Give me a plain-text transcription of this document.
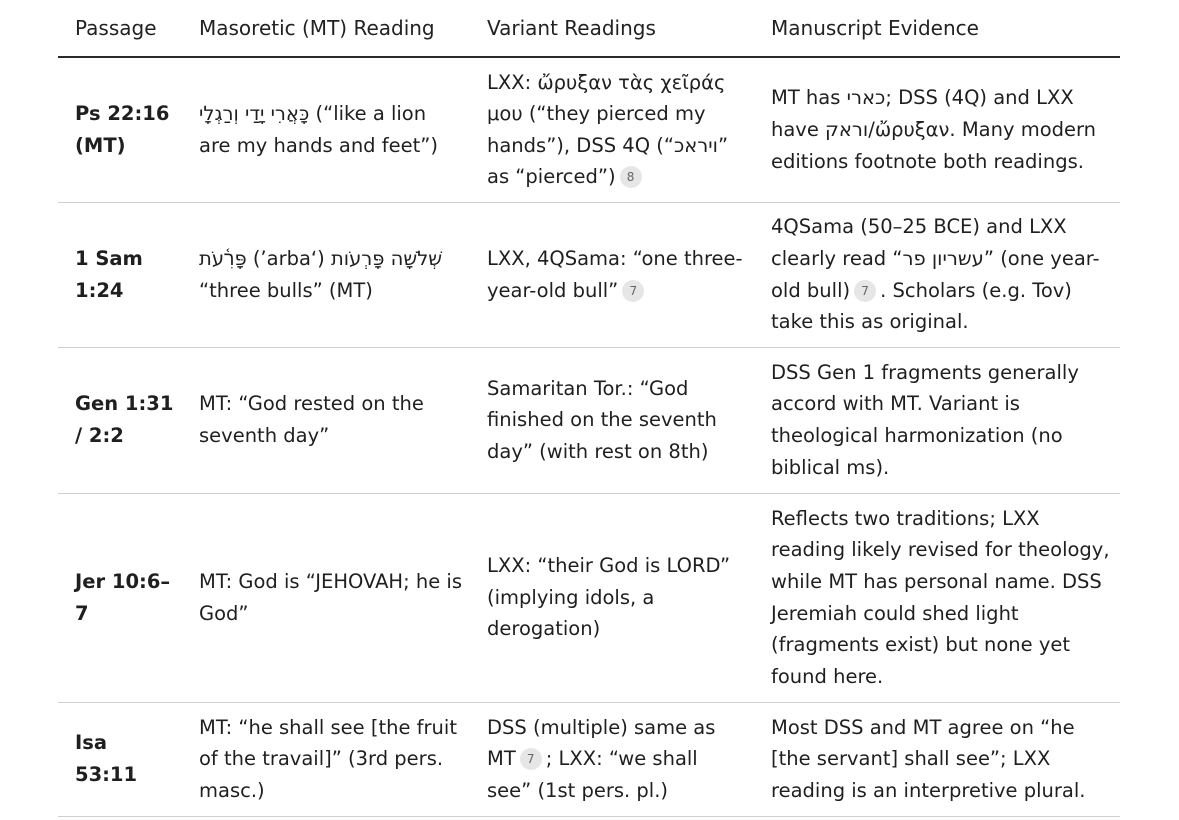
Passage	Masoretic (MT) Reading	Variant Readings	Manuscript Evidence
Ps 22:16 (MT)	כָּאֲרִי יָדַי וְרַגְלָי (“like a lion are my hands and feet”)	LXX: ὤρυξαν τὰς χεῖράς μου (“they pierced my hands”), DSS 4Q (“ויראכ” as “pierced”) 8	MT has כארי; DSS (4Q) and LXX have וראק/ὤρυξαν. Many modern editions footnote both readings.
1 Sam 1:24	פָּרִ֫עֹת (ʼarbaʻ) שְׁלֹשָׁה פָּרְעֹות “three bulls” (MT)	LXX, 4QSama: “one three-year-old bull” 7	4QSama (50–25 BCE) and LXX clearly read “עשריון פר” (one year-old bull) 7 . Scholars (e.g. Tov) take this as original.
Gen 1:31 / 2:2	MT: “God rested on the seventh day”	Samaritan Tor.: “God finished on the seventh day” (with rest on 8th)	DSS Gen 1 fragments generally accord with MT. Variant is theological harmonization (no biblical ms).
Jer 10:6–7	MT: God is “JEHOVAH; he is God”	LXX: “their God is LORD” (implying idols, a derogation)	Reflects two traditions; LXX reading likely revised for theology, while MT has personal name. DSS Jeremiah could shed light (fragments exist) but none yet found here.
Isa 53:11	MT: “he shall see [the fruit of the travail]” (3rd pers. masc.)	DSS (multiple) same as MT 7 ; LXX: “we shall see” (1st pers. pl.)	Most DSS and MT agree on “he [the servant] shall see”; LXX reading is an interpretive plural.
